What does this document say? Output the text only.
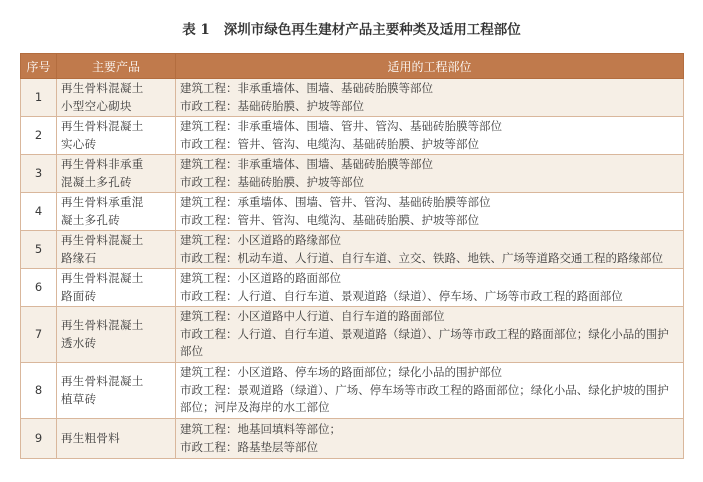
表 1 深圳市绿色再生建材产品主要种类及适用工程部位
序号	主要产品	适用的工程部位
1	再生骨料混凝土
小型空心砌块	建筑工程：非承重墙体、围墙、基础砖胎膜等部位
市政工程：基础砖胎膜、护坡等部位

2	再生骨料混凝土
实心砖	建筑工程：非承重墙体、围墙、管井、管沟、基础砖胎膜等部位
市政工程：管井、管沟、电缆沟、基础砖胎膜、护坡等部位

3	再生骨料非承重
混凝土多孔砖	建筑工程：非承重墙体、围墙、基础砖胎膜等部位
市政工程：基础砖胎膜、护坡等部位

4	再生骨料承重混
凝土多孔砖	建筑工程：承重墙体、围墙、管井、管沟、基础砖胎膜等部位
市政工程：管井、管沟、电缆沟、基础砖胎膜、护坡等部位

5	再生骨料混凝土
路缘石	建筑工程：小区道路的路缘部位
市政工程：机动车道、人行道、自行车道、立交、铁路、地铁、广场等道路交通工程的路缘部位

6	再生骨料混凝土
路面砖	建筑工程：小区道路的路面部位
市政工程：人行道、自行车道、景观道路（绿道）、停车场、广场等市政工程的路面部位

7	再生骨料混凝土
透水砖	建筑工程：小区道路中人行道、自行车道的路面部位
市政工程：人行道、自行车道、景观道路（绿道）、广场等市政工程的路面部位；绿化小品的围护部位

8	再生骨料混凝土
植草砖	建筑工程：小区道路、停车场的路面部位；绿化小品的围护部位
市政工程：景观道路（绿道）、广场、停车场等市政工程的路面部位；绿化小品、绿化护坡的围护部位；河岸及海岸的水工部位

9	再生粗骨料	建筑工程：地基回填料等部位；
市政工程：路基垫层等部位
